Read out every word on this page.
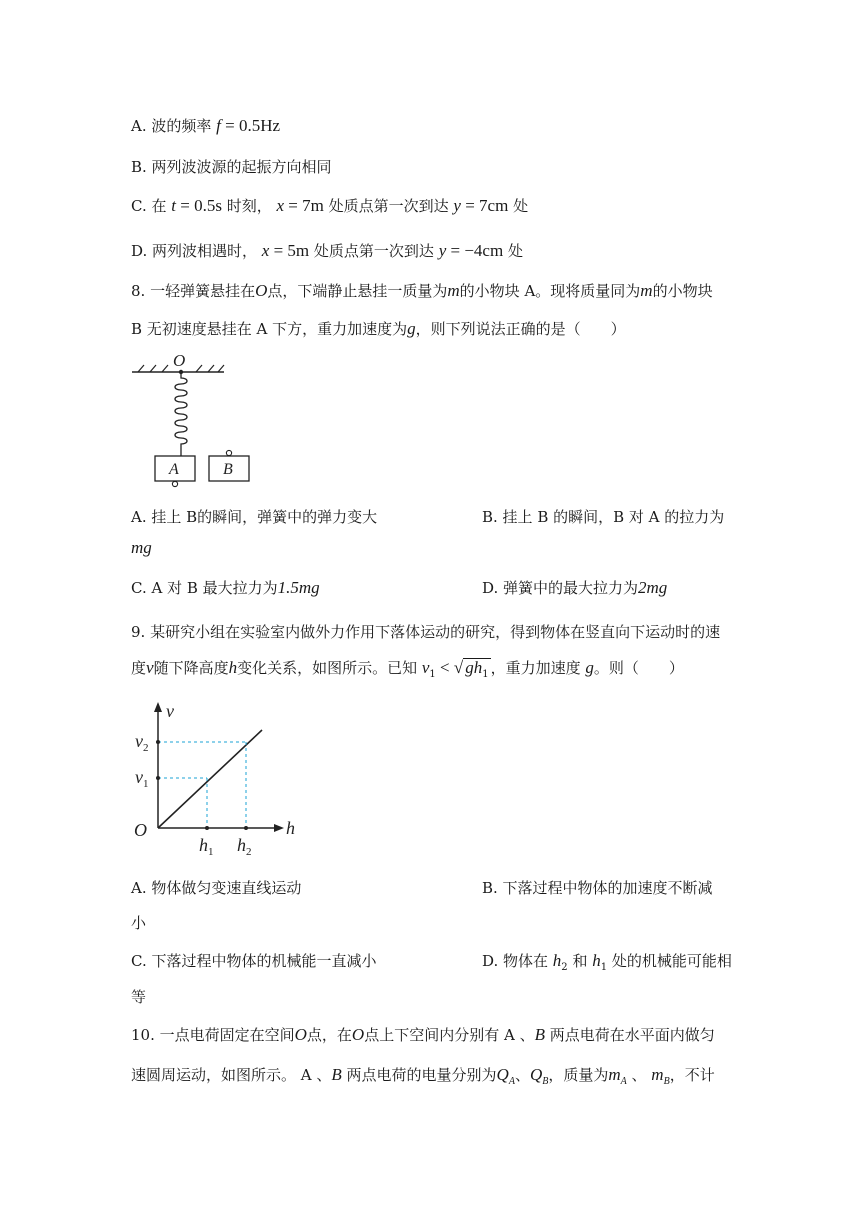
A. 波的频率 f = 0.5Hz
B. 两列波波源的起振方向相同
C. 在 t = 0.5s 时刻， x = 7m 处质点第一次到达 y = 7cm 处
D. 两列波相遇时， x = 5m 处质点第一次到达 y = −4cm 处
8. 一轻弹簧悬挂在O点，下端静止悬挂一质量为m的小物块 A。现将质量同为m的小物块
B 无初速度悬挂在 A 下方，重力加速度为g，则下列说法正确的是（　　）
O
A	B
A. 挂上 B的瞬间，弹簧中的弹力变大	B. 挂上 B 的瞬间，B 对 A 的拉力为
mg
C. A 对 B 最大拉力为1.5mg	D. 弹簧中的最大拉力为2mg
9. 某研究小组在实验室内做外力作用下落体运动的研究，得到物体在竖直向下运动时的速
度v随下降高度h变化关系，如图所示。已知 $v_1$ < √ $gh_1$ ，重力加速度 g。则（　　）
v
h
O
$v_2$
$v_1$
$h_1$ $h_2$
A. 物体做匀变速直线运动	B. 下落过程中物体的加速度不断减
小
C. 下落过程中物体的机械能一直减小	D. 物体在 $h_2$ 和 $h_1$ 处的机械能可能相
等
10. 一点电荷固定在空间O点，在O点上下空间内分别有 A 、B 两点电荷在水平面内做匀
速圆周运动，如图所示。 A 、B 两点电荷的电量分别为$Q_A$、$Q_B$，质量为$m_A$ 、 $m_B$，不计
